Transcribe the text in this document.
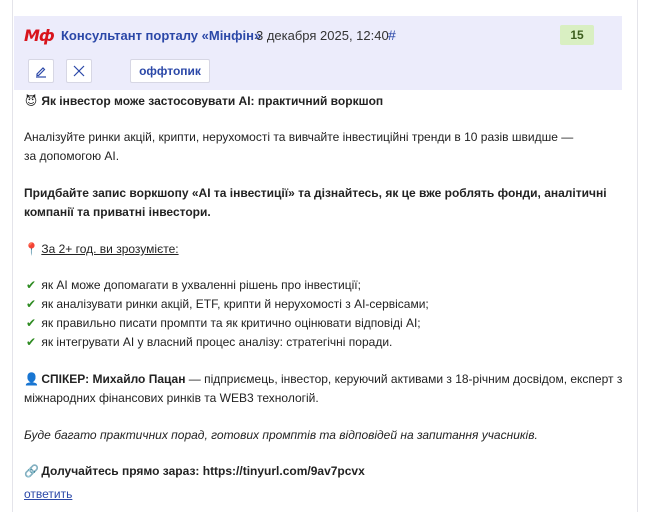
Мф Консультант порталу «Мінфін»
3 декабря 2025, 12:40 #	15
оффтопик

😈 Як інвестор може застосовувати AI: практичний воркшоп

Аналізуйте ринки акцій, крипти, нерухомості та вивчайте інвестиційні тренди в 10 разів швидше —

за допомогою AI.

Придбайте запис воркшопу «AI та інвестиції» та дізнайтесь, як це вже роблять фонди, аналітичні

компанії та приватні інвестори.

📍 За 2+ год. ви зрозумієте:

✔ як AI може допомагати в ухваленні рішень про інвестиції;

✔ як аналізувати ринки акцій, ETF, крипти й нерухомості з AI-сервісами;

✔ як правильно писати промпти та як критично оцінювати відповіді AI;

✔ як інтегрувати AI у власний процес аналізу: стратегічні поради.

👤 СПІКЕР: Михайло Пацан — підприємець, інвестор, керуючий активами з 18-річним досвідом, експерт з

міжнародних фінансових ринків та WEB3 технологій.

Буде багато практичних порад, готових промптів та відповідей на запитання учасників.

🔗 Долучайтесь прямо зараз: https://tinyurl.com/9av7pcvx

ответить
